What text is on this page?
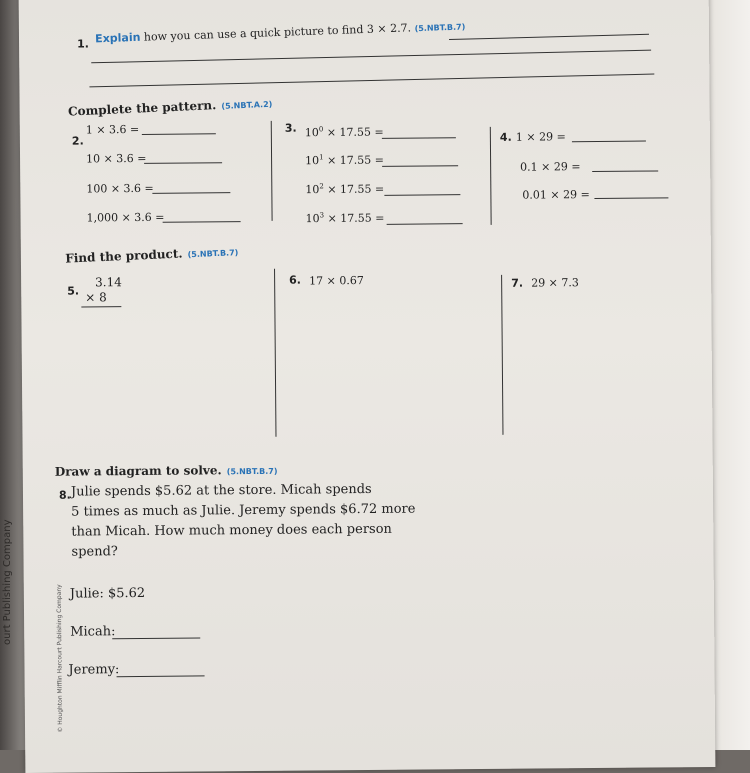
ourt Publishing Company
© Houghton Mifflin Harcourt Publishing Company
1. Explain how you can use a quick picture to find 3 × 2.7. (5.NBT.B.7)
Complete the pattern. (5.NBT.A.2)
2.
1 × 3.6 =
10 × 3.6 =
100 × 3.6 =
1,000 × 3.6 =
3. $10^0 \times 17.55$ =
$10^1 \times 17.55$ =
$10^2 \times 17.55$ =
$10^3 \times 17.55$ =
4. 1 × 29 =
0.1 × 29 =
0.01 × 29 =
Find the product. (5.NBT.B.7)
5.
3.14
× 8
6. 17 × 0.67	7. 29 × 7.3
Draw a diagram to solve. (5.NBT.B.7)
8. Julie spends $5.62 at the store. Micah spends
5 times as much as Julie. Jeremy spends $6.72 more
than Micah. How much money does each person
spend?
Julie: $5.62
Micah:
Jeremy:
